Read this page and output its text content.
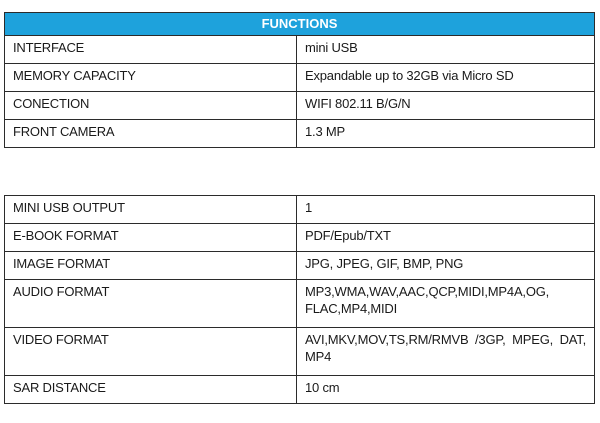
FUNCTIONS	
INTERFACE	mini USB
MEMORY CAPACITY	Expandable up to 32GB via Micro SD
CONECTION	WIFI 802.11 B/G/N
FRONT CAMERA	1.3 MP
MINI USB OUTPUT	1
E-BOOK FORMAT	PDF/Epub/TXT
IMAGE FORMAT	JPG, JPEG, GIF, BMP, PNG
AUDIO FORMAT	MP3,WMA,WAV,AAC,QCP,MIDI,MP4A,OG, FLAC,MP4,MIDI
VIDEO FORMAT	AVI,MKV,MOV,TS,RM/RMVB /3GP, MPEG, DAT, MP4
SAR DISTANCE	10 cm
